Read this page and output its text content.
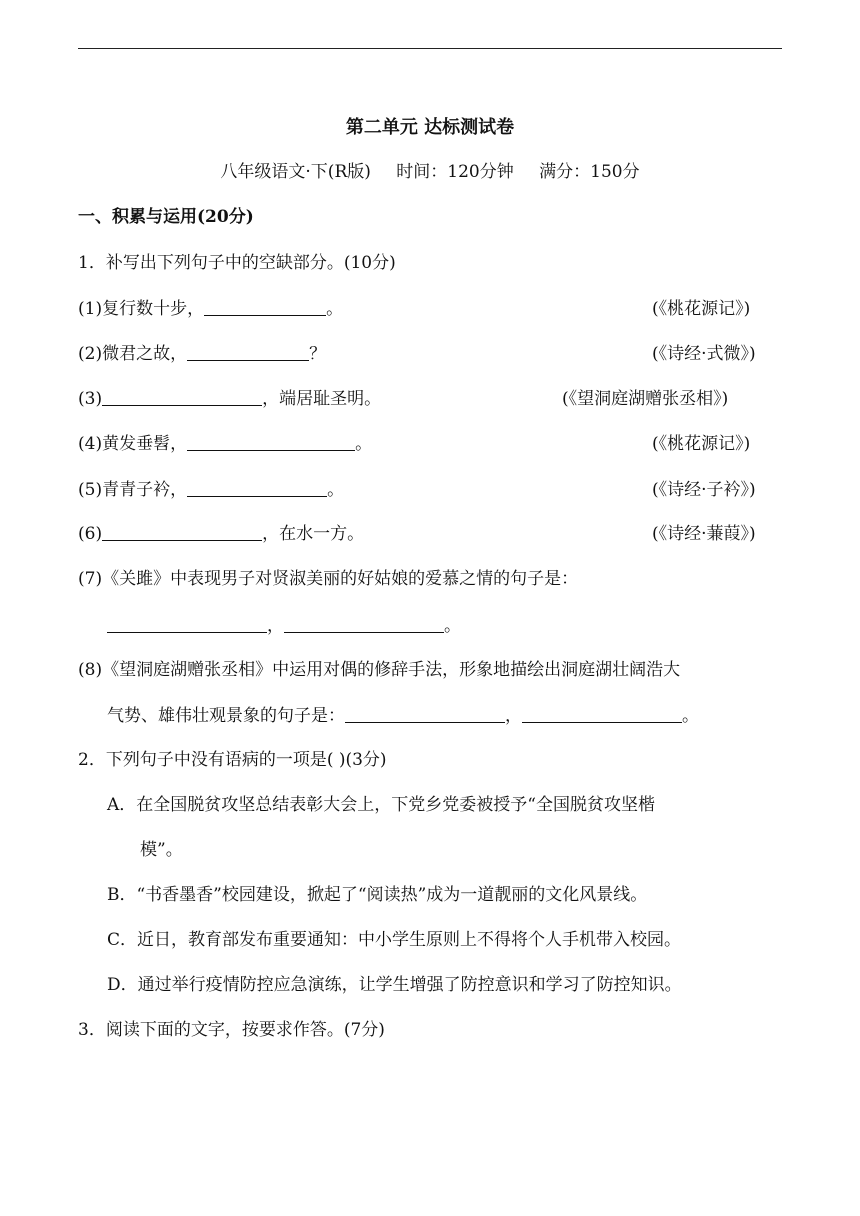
第二单元 达标测试卷
八年级语文·下(R版) 时间：120分钟 满分：150分
一、积累与运用(20分)
1．补写出下列句子中的空缺部分。(10分)
(1)复行数十步，	。	(《桃花源记》)
(2)微君之故，	？	(《诗经·式微》)
(3)	，端居耻圣明。	(《望洞庭湖赠张丞相》)
(4)黄发垂髫，	。	(《桃花源记》)
(5)青青子衿，	。	(《诗经·子衿》)
(6)	，在水一方。	(《诗经·蒹葭》)
(7)《关雎》中表现男子对贤淑美丽的好姑娘的爱慕之情的句子是：
，	。
(8)《望洞庭湖赠张丞相》中运用对偶的修辞手法，形象地描绘出洞庭湖壮阔浩大
气势、雄伟壮观景象的句子是：	，	。
2．下列句子中没有语病的一项是( )(3分)
A．在全国脱贫攻坚总结表彰大会上，下党乡党委被授予“全国脱贫攻坚楷
模”。
B．“书香墨香”校园建设，掀起了“阅读热”成为一道靓丽的文化风景线。
C．近日，教育部发布重要通知：中小学生原则上不得将个人手机带入校园。
D．通过举行疫情防控应急演练，让学生增强了防控意识和学习了防控知识。
3．阅读下面的文字，按要求作答。(7分)
